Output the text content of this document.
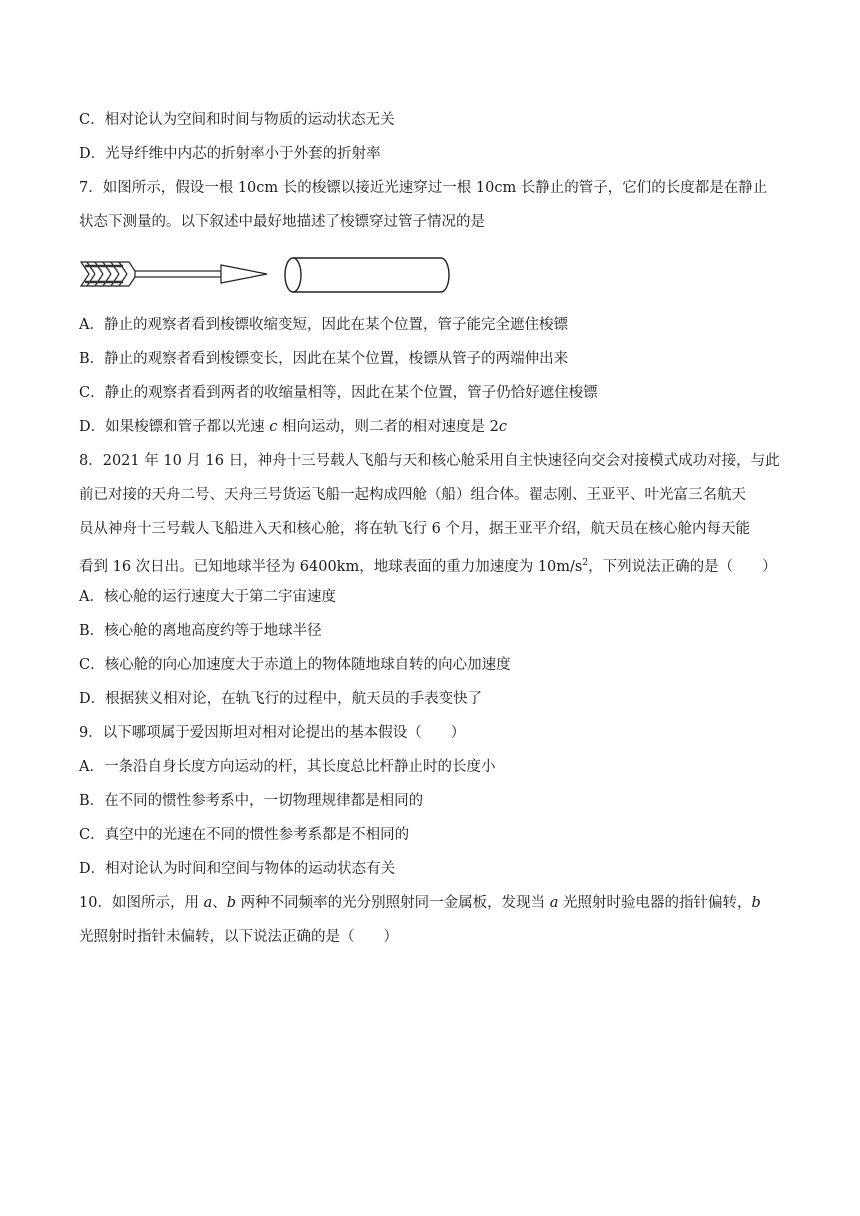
C．相对论认为空间和时间与物质的运动状态无关
D．光导纤维中内芯的折射率小于外套的折射率
7．如图所示，假设一根 10cm 长的梭镖以接近光速穿过一根 10cm 长静止的管子，它们的长度都是在静止
状态下测量的。以下叙述中最好地描述了梭镖穿过管子情况的是
A．静止的观察者看到梭镖收缩变短，因此在某个位置，管子能完全遮住梭镖
B．静止的观察者看到梭镖变长，因此在某个位置，梭镖从管子的两端伸出来
C．静止的观察者看到两者的收缩量相等，因此在某个位置，管子仍恰好遮住梭镖
D．如果梭镖和管子都以光速 c 相向运动，则二者的相对速度是 2c
8．2021 年 10 月 16 日，神舟十三号载人飞船与天和核心舱采用自主快速径向交会对接模式成功对接，与此
前已对接的天舟二号、天舟三号货运飞船一起构成四舱（船）组合体。翟志刚、王亚平、叶光富三名航天
员从神舟十三号载人飞船进入天和核心舱，将在轨飞行 6 个月，据王亚平介绍，航天员在核心舱内每天能
看到 16 次日出。已知地球半径为 6400km，地球表面的重力加速度为 $10m/s^2$，下列说法正确的是（　　）
A．核心舱的运行速度大于第二宇宙速度
B．核心舱的离地高度约等于地球半径
C．核心舱的向心加速度大于赤道上的物体随地球自转的向心加速度
D．根据狭义相对论，在轨飞行的过程中，航天员的手表变快了
9．以下哪项属于爱因斯坦对相对论提出的基本假设（　　）
A．一条沿自身长度方向运动的杆，其长度总比杆静止时的长度小
B．在不同的惯性参考系中，一切物理规律都是相同的
C．真空中的光速在不同的惯性参考系都是不相同的
D．相对论认为时间和空间与物体的运动状态有关
10．如图所示，用 a、b 两种不同频率的光分别照射同一金属板，发现当 a 光照射时验电器的指针偏转，b
光照射时指针未偏转，以下说法正确的是（　　）
